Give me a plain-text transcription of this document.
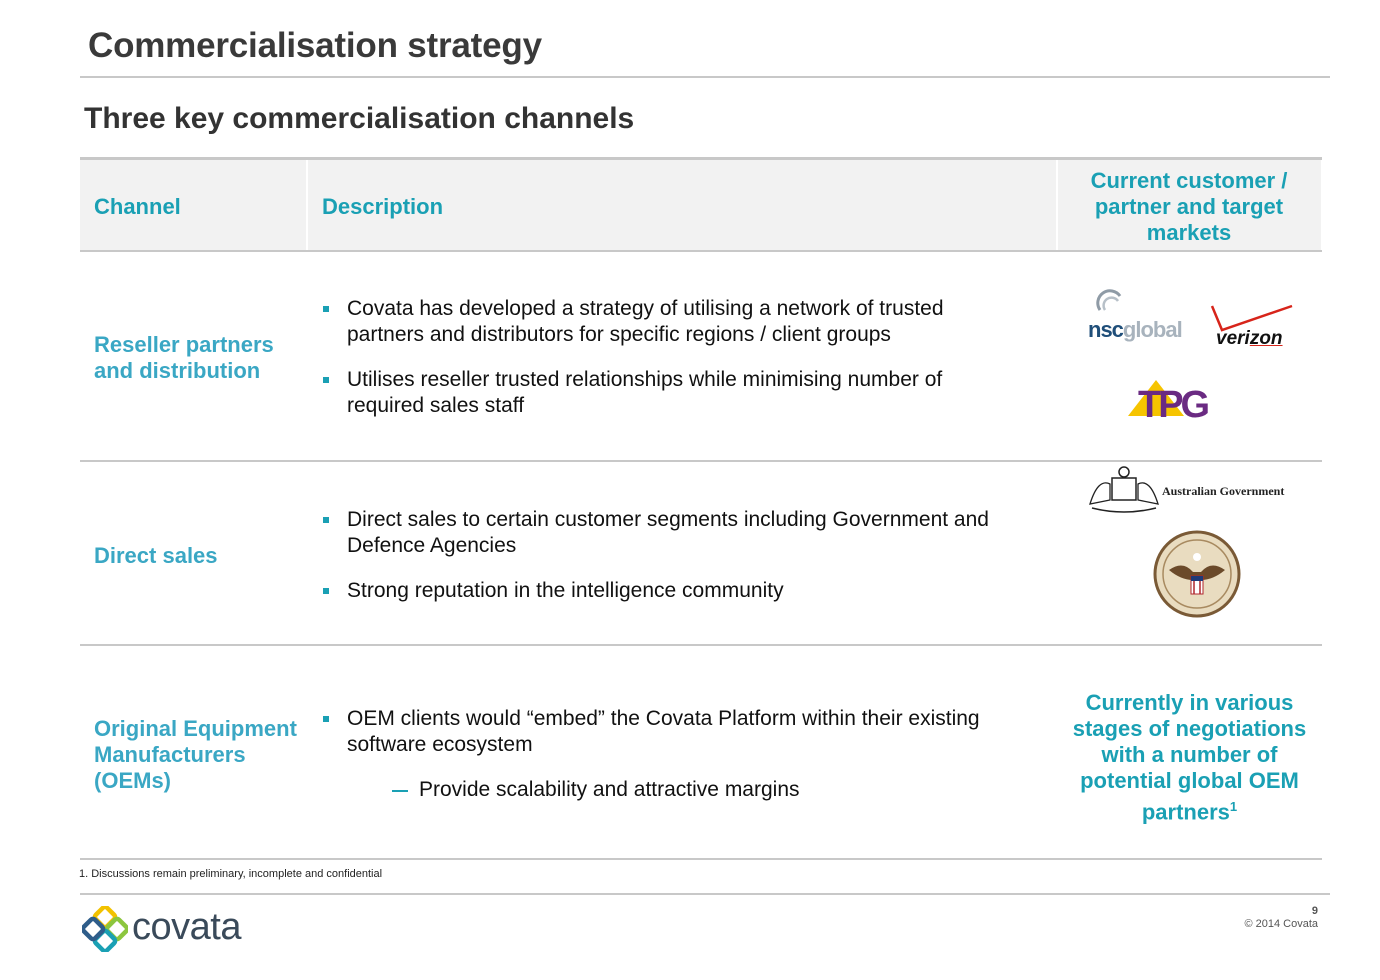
Commercialisation strategy
Three key commercialisation channels
Channel	Description
Current customer /
partner and target
markets
Reseller partners
and distribution
Covata has developed a strategy of utilising a network of trusted
partners and distributors for specific regions / client groups
Utilises reseller trusted relationships while minimising number of
required sales staff
nscglobal verizon
TPG
Direct sales
Direct sales to certain customer segments including Government and
Defence Agencies
Strong reputation in the intelligence community
Australian Government
Original Equipment
Manufacturers
(OEMs)
OEM clients would “embed” the Covata Platform within their existing
software ecosystem
Provide scalability and attractive margins
Currently in various
stages of negotiations
with a number of
potential global OEM
partners$^1$
1. Discussions remain preliminary, incomplete and confidential
covata	9
© 2014 Covata
